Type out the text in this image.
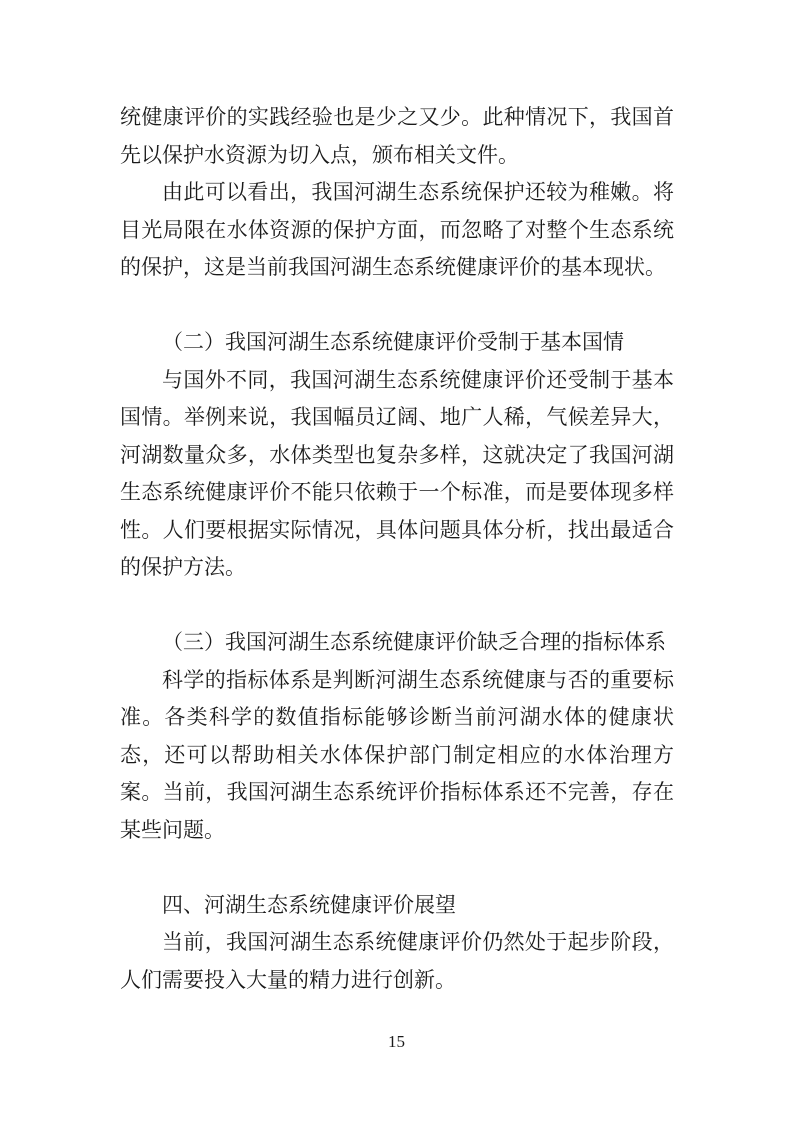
统健康评价的实践经验也是少之又少。此种情况下，我国首先以保护水资源为切入点，颁布相关文件。

由此可以看出，我国河湖生态系统保护还较为稚嫩。将目光局限在水体资源的保护方面，而忽略了对整个生态系统的保护，这是当前我国河湖生态系统健康评价的基本现状。

（二）我国河湖生态系统健康评价受制于基本国情

与国外不同，我国河湖生态系统健康评价还受制于基本国情。举例来说，我国幅员辽阔、地广人稀，气候差异大，河湖数量众多，水体类型也复杂多样，这就决定了我国河湖生态系统健康评价不能只依赖于一个标准，而是要体现多样性。人们要根据实际情况，具体问题具体分析，找出最适合的保护方法。

（三）我国河湖生态系统健康评价缺乏合理的指标体系

科学的指标体系是判断河湖生态系统健康与否的重要标准。各类科学的数值指标能够诊断当前河湖水体的健康状态，还可以帮助相关水体保护部门制定相应的水体治理方案。当前，我国河湖生态系统评价指标体系还不完善，存在某些问题。

四、河湖生态系统健康评价展望

当前，我国河湖生态系统健康评价仍然处于起步阶段，人们需要投入大量的精力进行创新。

15
